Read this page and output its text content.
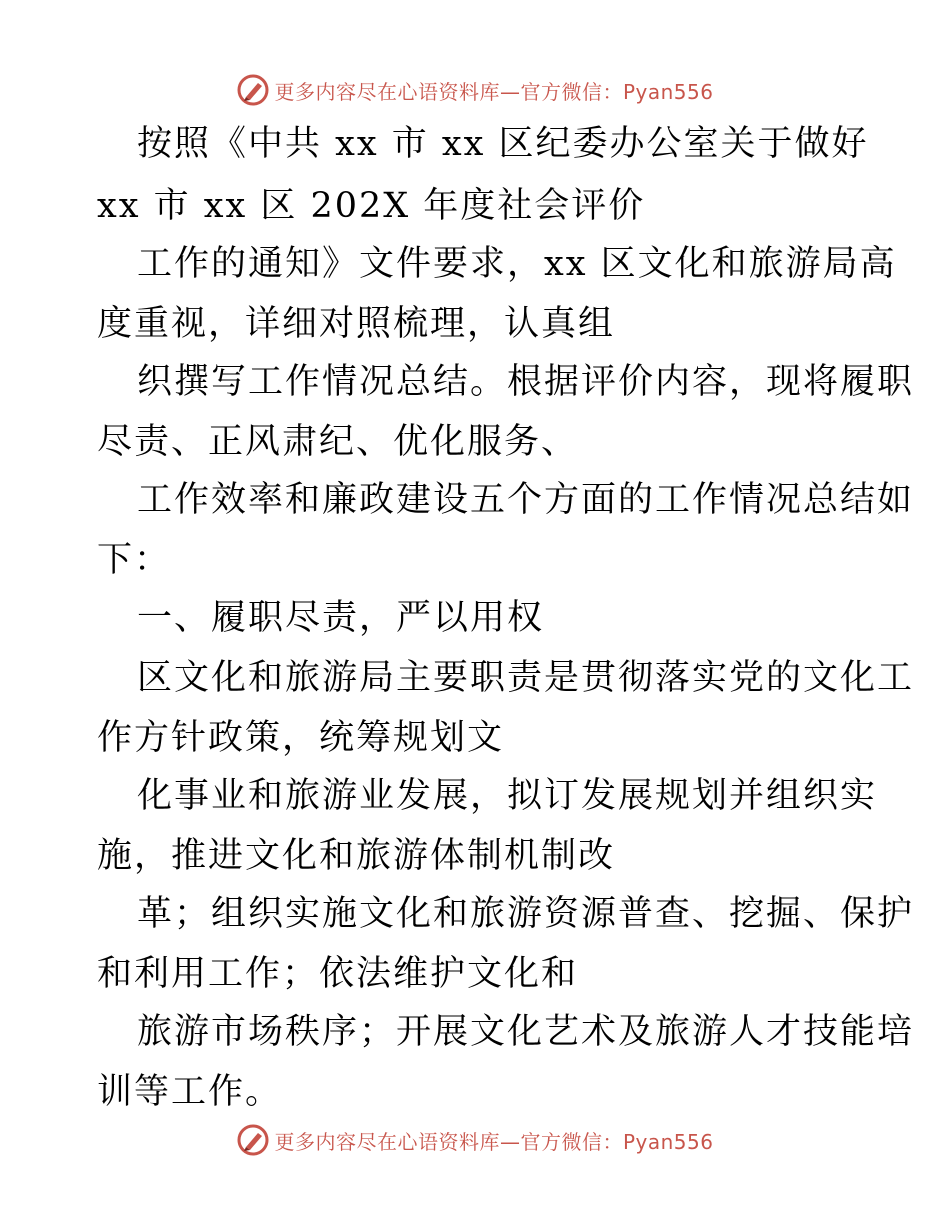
更多内容尽在心语资料库—官方微信：Pyan556
按照《中共 xx 市 xx 区纪委办公室关于做好
xx 市 xx 区 202X 年度社会评价
工作的通知》文件要求，xx 区文化和旅游局高
度重视，详细对照梳理，认真组
织撰写工作情况总结。根据评价内容，现将履职
尽责、正风肃纪、优化服务、
工作效率和廉政建设五个方面的工作情况总结如
下：
一、履职尽责，严以用权
区文化和旅游局主要职责是贯彻落实党的文化工
作方针政策，统筹规划文
化事业和旅游业发展，拟订发展规划并组织实
施，推进文化和旅游体制机制改
革；组织实施文化和旅游资源普查、挖掘、保护
和利用工作；依法维护文化和
旅游市场秩序；开展文化艺术及旅游人才技能培
训等工作。
更多内容尽在心语资料库—官方微信：Pyan556
